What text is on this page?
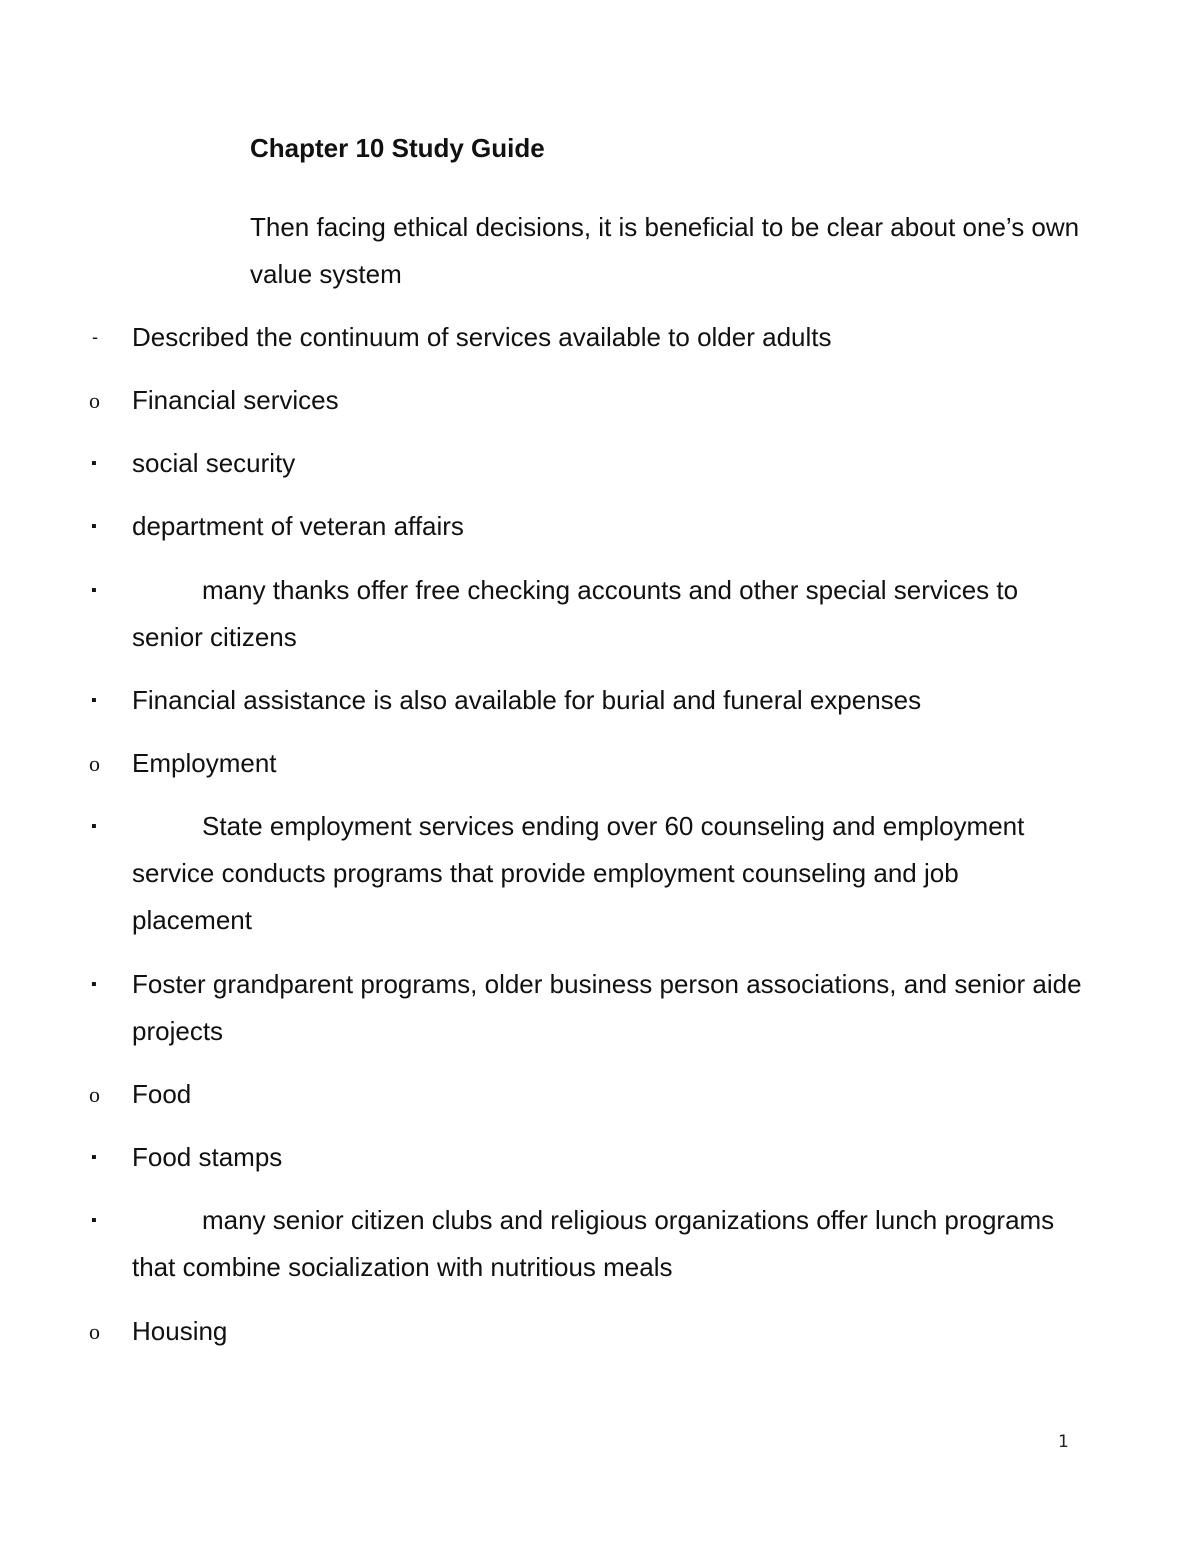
Chapter 10 Study Guide
Then facing ethical decisions, it is beneficial to be clear about one’s own value system
-	Described the continuum of services available to older adults
o	Financial services
▪	social security
▪	department of veteran affairs
▪	many thanks offer free checking accounts and other special services to senior citizens
▪	Financial assistance is also available for burial and funeral expenses
o	Employment
▪	State employment services ending over 60 counseling and employment service conducts programs that provide employment counseling and job placement
▪	Foster grandparent programs, older business person associations, and senior aide projects
o	Food
▪	Food stamps
▪	many senior citizen clubs and religious organizations offer lunch programs that combine socialization with nutritious meals
o	Housing
1
